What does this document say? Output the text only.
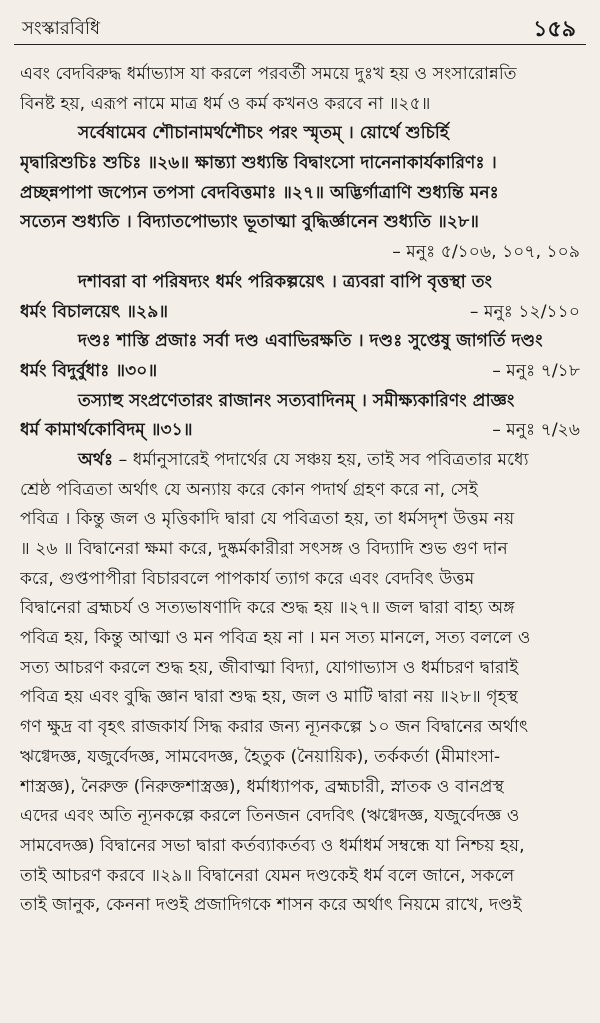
সংস্কারবিধি	১৫৯
এবং বেদবিরুদ্ধ ধর্মাভ্যাস যা করলে পরবর্তী সময়ে দুঃখ হয় ও সংসারোন্নতি
বিনষ্ট হয়, এরূপ নামে মাত্র ধর্ম ও কর্ম কখনও করবে না ॥২৫॥
সর্বেষামেব শৌচানামর্থশৌচং পরং স্মৃতম্‌ । য়োর্থে শুচির্হি
মৃদ্বারিশুচিঃ শুচিঃ ॥২৬॥ ক্ষান্ত্যা শুধ্যন্তি বিদ্বাংসো দানেনাকার্যকারিণঃ ।
প্রচ্ছন্নপাপা জপ্যেন তপসা বেদবিত্তমাঃ ॥২৭॥ অদ্ভির্গাত্রাণি শুধ্যন্তি মনঃ
সত্যেন শুধ্যতি । বিদ্যাতপোভ্যাং ভূতাত্মা বুদ্ধির্জ্ঞানেন শুধ্যতি ॥২৮॥
– মনুঃ ৫/১০৬, ১০৭, ১০৯
দশাবরা বা পরিষদ্যং ধর্মং পরিকল্পয়েৎ । ত্র্যবরা বাপি বৃত্তস্থা তং
ধর্মং বিচালয়েৎ ॥২৯॥	– মনুঃ ১২/১১০
দণ্ডঃ শাস্তি প্রজাঃ সর্বা দণ্ড এবাভিরক্ষতি । দণ্ডঃ সুপ্তেষু জাগর্তি দণ্ডং
ধর্মং বিদুর্বুধাঃ ॥৩০॥	– মনুঃ ৭/১৮
তস্যাহু সংপ্রণেতারং রাজানং সত্যবাদিনম্‌ । সমীক্ষ্যকারিণং প্রাজ্ঞং
ধর্ম কামার্থকোবিদম্‌ ॥৩১॥	– মনুঃ ৭/২৬
অর্থঃ – ধর্মানুসারেই পদার্থের যে সঞ্চয় হয়, তাই সব পবিত্রতার মধ্যে
শ্রেষ্ঠ পবিত্রতা অর্থাৎ যে অন্যায় করে কোন পদার্থ গ্রহণ করে না, সেই
পবিত্র । কিন্তু জল ও মৃত্তিকাদি দ্বারা যে পবিত্রতা হয়, তা ধর্মসদৃশ উত্তম নয়
॥ ২৬ ॥ বিদ্বানেরা ক্ষমা করে, দুষ্কর্মকারীরা সৎসঙ্গ ও বিদ্যাদি শুভ গুণ দান
করে, গুপ্তপাপীরা বিচারবলে পাপকার্য ত্যাগ করে এবং বেদবিৎ উত্তম
বিদ্বানেরা ব্রহ্মচর্য ও সত্যভাষণাদি করে শুদ্ধ হয় ॥২৭॥ জল দ্বারা বাহ্য অঙ্গ
পবিত্র হয়, কিন্তু আত্মা ও মন পবিত্র হয় না । মন সত্য মানলে, সত্য বললে ও
সত্য আচরণ করলে শুদ্ধ হয়, জীবাত্মা বিদ্যা, যোগাভ্যাস ও ধর্মাচরণ দ্বারাই
পবিত্র হয় এবং বুদ্ধি জ্ঞান দ্বারা শুদ্ধ হয়, জল ও মাটি দ্বারা নয় ॥২৮॥ গৃহস্থ
গণ ক্ষুদ্র বা বৃহৎ রাজকার্য সিদ্ধ করার জন্য ন্যূনকল্পে ১০ জন বিদ্বানের অর্থাৎ
ঋগ্বেদজ্ঞ, যজুর্বেদজ্ঞ, সামবেদজ্ঞ, হৈতুক (নৈয়ায়িক), তর্ককর্তা (মীমাংসা-
শাস্ত্রজ্ঞ), নৈরুক্ত (নিরুক্তশাস্ত্রজ্ঞ), ধর্মাধ্যাপক, ব্রহ্মচারী, স্নাতক ও বানপ্রস্থ
এদের এবং অতি ন্যূনকল্পে করলে তিনজন বেদবিৎ (ঋগ্বেদজ্ঞ, যজুর্বেদজ্ঞ ও
সামবেদজ্ঞ) বিদ্বানের সভা দ্বারা কর্তব্যাকর্তব্য ও ধর্মাধর্ম সম্বন্ধে যা নিশ্চয় হয়,
তাই আচরণ করবে ॥২৯॥ বিদ্বানেরা যেমন দণ্ডকেই ধর্ম বলে জানে, সকলে
তাই জানুক, কেননা দণ্ডই প্রজাদিগকে শাসন করে অর্থাৎ নিয়মে রাখে, দণ্ডই
